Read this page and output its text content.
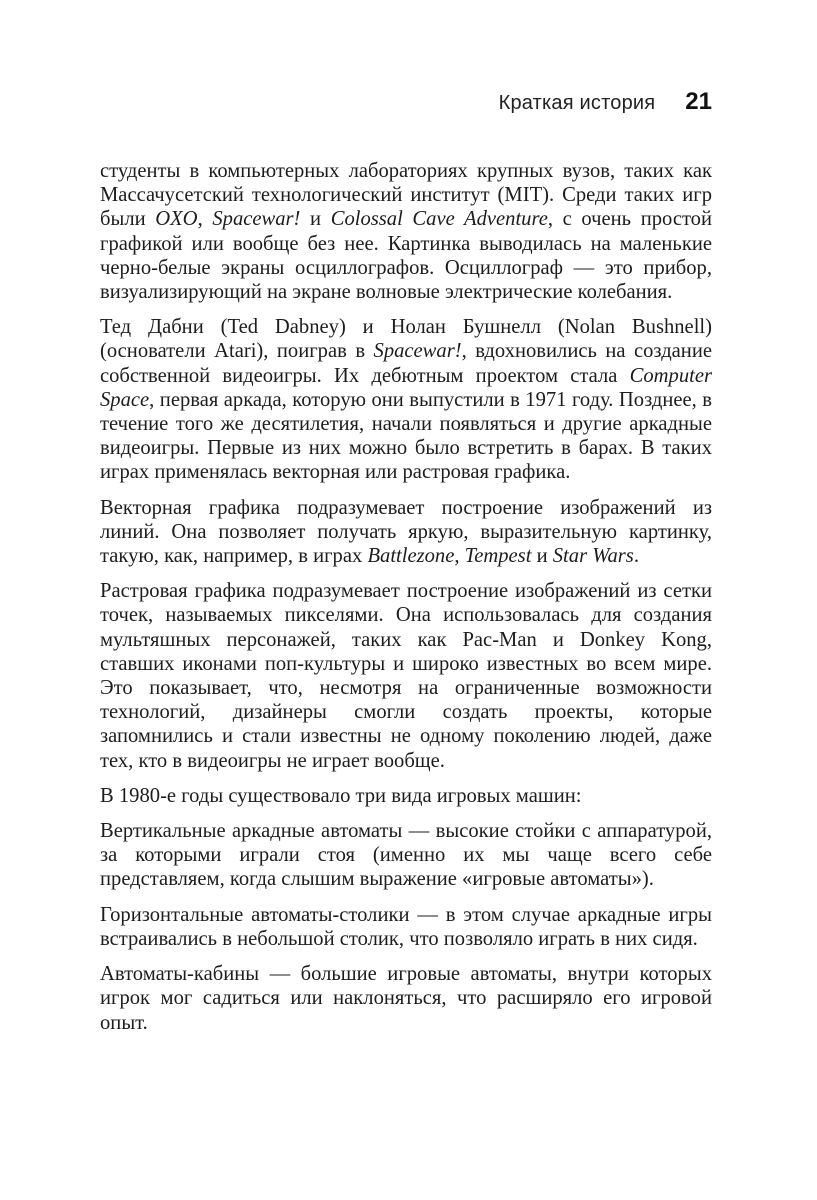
Краткая история 21

студенты в компьютерных лабораториях крупных вузов, таких как Массачусетский технологический институт (MIT). Среди таких игр были OXO, Spacewar! и Colossal Cave Adventure, с очень простой графикой или вообще без нее. Картинка выводилась на маленькие черно-белые экраны осциллографов. Осциллограф — это прибор, визуализирующий на экране волновые электрические колебания.

Тед Дабни (Ted Dabney) и Нолан Бушнелл (Nolan Bushnell) (основатели Atari), поиграв в Spacewar!, вдохновились на создание собственной видеоигры. Их дебютным проектом стала Computer Space, первая аркада, которую они выпустили в 1971 году. Позднее, в течение того же десятилетия, начали появляться и другие аркадные видеоигры. Первые из них можно было встретить в барах. В таких играх применялась векторная или растровая графика.

Векторная графика подразумевает построение изображений из линий. Она позволяет получать яркую, выразительную картинку, такую, как, например, в играх Battlezone, Tempest и Star Wars.

Растровая графика подразумевает построение изображений из сетки точек, называемых пикселями. Она использовалась для создания мультяшных персонажей, таких как Pac-Man и Donkey Kong, ставших иконами поп-культуры и широко известных во всем мире. Это показывает, что, несмотря на ограниченные возможности технологий, дизайнеры смогли создать проекты, которые запомнились и стали известны не одному поколению людей, даже тех, кто в видеоигры не играет вообще.

В 1980-е годы существовало три вида игровых машин:

Вертикальные аркадные автоматы — высокие стойки с аппаратурой, за которыми играли стоя (именно их мы чаще всего себе представляем, когда слышим выражение «игровые автоматы»).

Горизонтальные автоматы-столики — в этом случае аркадные игры встраивались в небольшой столик, что позволяло играть в них сидя.

Автоматы-кабины — большие игровые автоматы, внутри которых игрок мог садиться или наклоняться, что расширяло его игровой опыт.
